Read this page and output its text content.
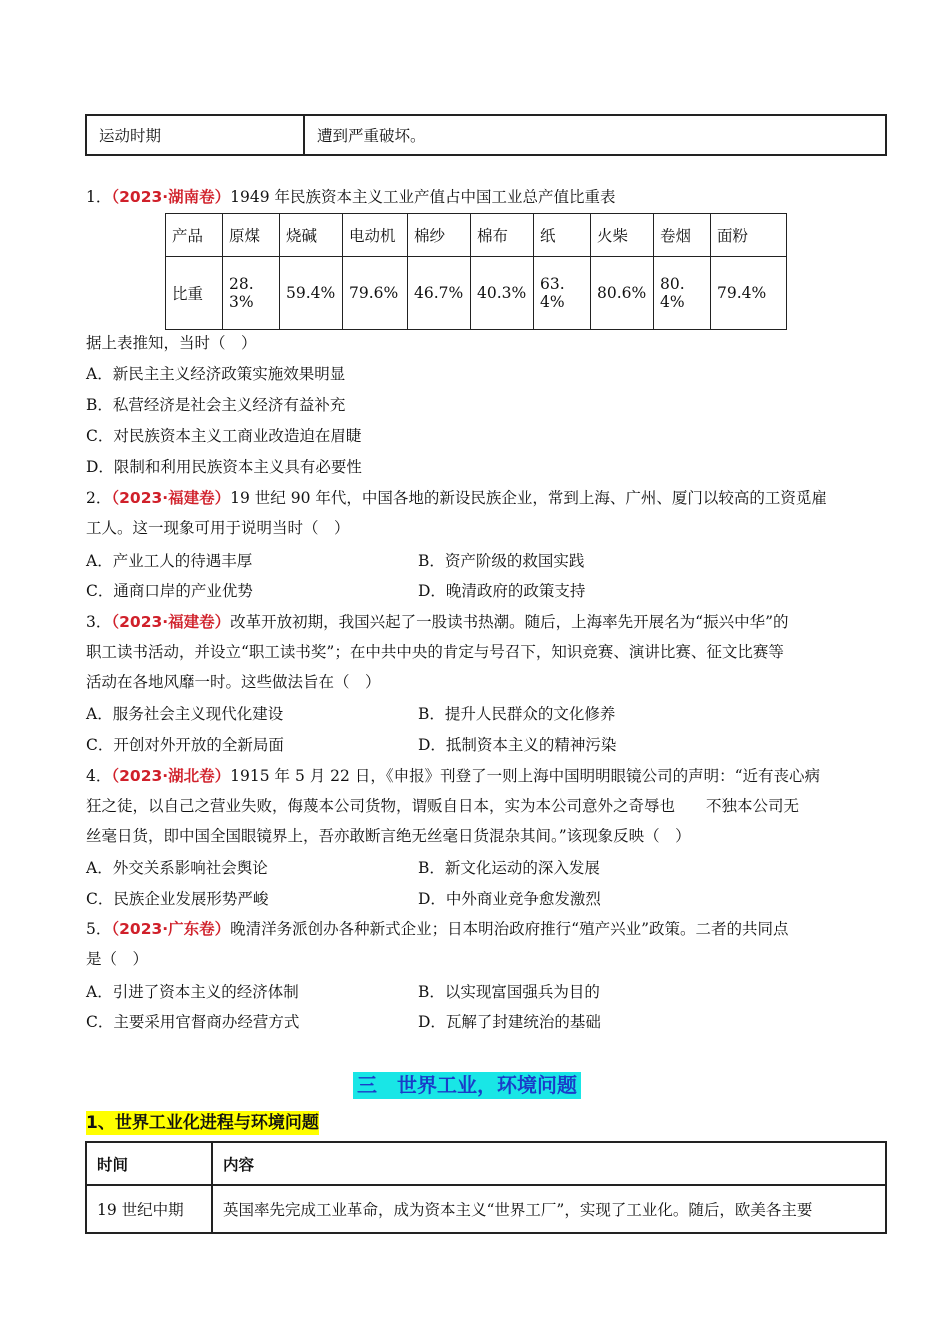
运动时期	遭到严重破坏。
1．（2023·湖南卷）1949 年民族资本主义工业产值占中国工业总产值比重表
产品	原煤	烧碱	电动机	棉纱	棉布	纸	火柴	卷烟	面粉
比重	28.3%	59.4%	79.6%	46.7%	40.3%	63.4%	80.6%	80.4%	79.4%
据上表推知，当时（　）
A．新民主主义经济政策实施效果明显
B．私营经济是社会主义经济有益补充
C．对民族资本主义工商业改造迫在眉睫
D．限制和利用民族资本主义具有必要性
2．（2023·福建卷）19 世纪 90 年代，中国各地的新设民族企业，常到上海、广州、厦门以较高的工资觅雇
工人。这一现象可用于说明当时（　）
A．产业工人的待遇丰厚	B．资产阶级的救国实践
C．通商口岸的产业优势	D．晚清政府的政策支持
3．（2023·福建卷）改革开放初期，我国兴起了一股读书热潮。随后，上海率先开展名为“振兴中华”的
职工读书活动，并设立“职工读书奖”；在中共中央的肯定与号召下，知识竞赛、演讲比赛、征文比赛等
活动在各地风靡一时。这些做法旨在（　）
A．服务社会主义现代化建设	B．提升人民群众的文化修养
C．开创对外开放的全新局面	D．抵制资本主义的精神污染
4．（2023·湖北卷）1915 年 5 月 22 日，《申报》刊登了一则上海中国明明眼镜公司的声明：“近有丧心病
狂之徒，以自己之营业失败，侮蔑本公司货物，谓贩自日本，实为本公司意外之奇辱也　　不独本公司无
丝毫日货，即中国全国眼镜界上，吾亦敢断言绝无丝毫日货混杂其间。”该现象反映（　）
A．外交关系影响社会舆论	B．新文化运动的深入发展
C．民族企业发展形势严峻	D．中外商业竞争愈发激烈
5．（2023·广东卷）晚清洋务派创办各种新式企业；日本明治政府推行“殖产兴业”政策。二者的共同点
是（　）
A．引进了资本主义的经济体制	B．以实现富国强兵为目的
C．主要采用官督商办经营方式	D．瓦解了封建统治的基础
三　世界工业，环境问题
1、世界工业化进程与环境问题
时间	内容
19 世纪中期	英国率先完成工业革命，成为资本主义“世界工厂”，实现了工业化。随后，欧美各主要
